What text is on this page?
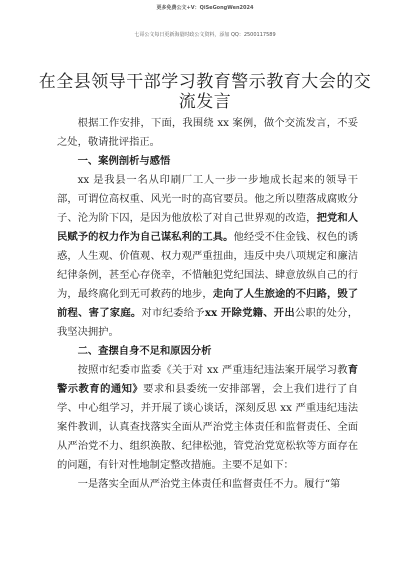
更多免费公文+V：QiSeGongWen2024
七哥公文每日更新海量时政公文资料，添加 QQ：2500117589
在全县领导干部学习教育警示教育大会的交流发言

根据工作安排，下面，我围绕 xx 案例，做个交流发言，不妥之处，敬请批评指正。

一、案例剖析与感悟

xx 是我县一名从印刷厂工人一步一步地成长起来的领导干部，可谓位高权重、风光一时的高官要员。他之所以堕落成腐败分子、沦为阶下囚，是因为他放松了对自己世界观的改造，把党和人民赋予的权力作为自己谋私利的工具。他经受不住金钱、权色的诱惑，人生观、价值观、权力观严重扭曲，违反中央八项规定和廉洁纪律条例，甚至心存侥幸，不惜触犯党纪国法、肆意放纵自己的行为，最终腐化到无可救药的地步，走向了人生旅途的不归路，毁了前程、害了家庭。对市纪委给予xx 开除党籍、开出公职的处分，我坚决拥护。

二、查摆自身不足和原因分析

按照市纪委市监委《关于对 xx 严重违纪违法案开展学习教育警示教育的通知》要求和县委统一安排部署，会上我们进行了自学、中心组学习，并开展了谈心谈话，深刻反思 xx 严重违纪违法案件教训，认真查找落实全面从严治党主体责任和监督责任、全面从严治党不力、组织涣散、纪律松弛，管党治党宽松软等方面存在的问题，有针对性地制定整改措施。主要不足如下：

一是落实全面从严治党主体责任和监督责任不力。履行“第
